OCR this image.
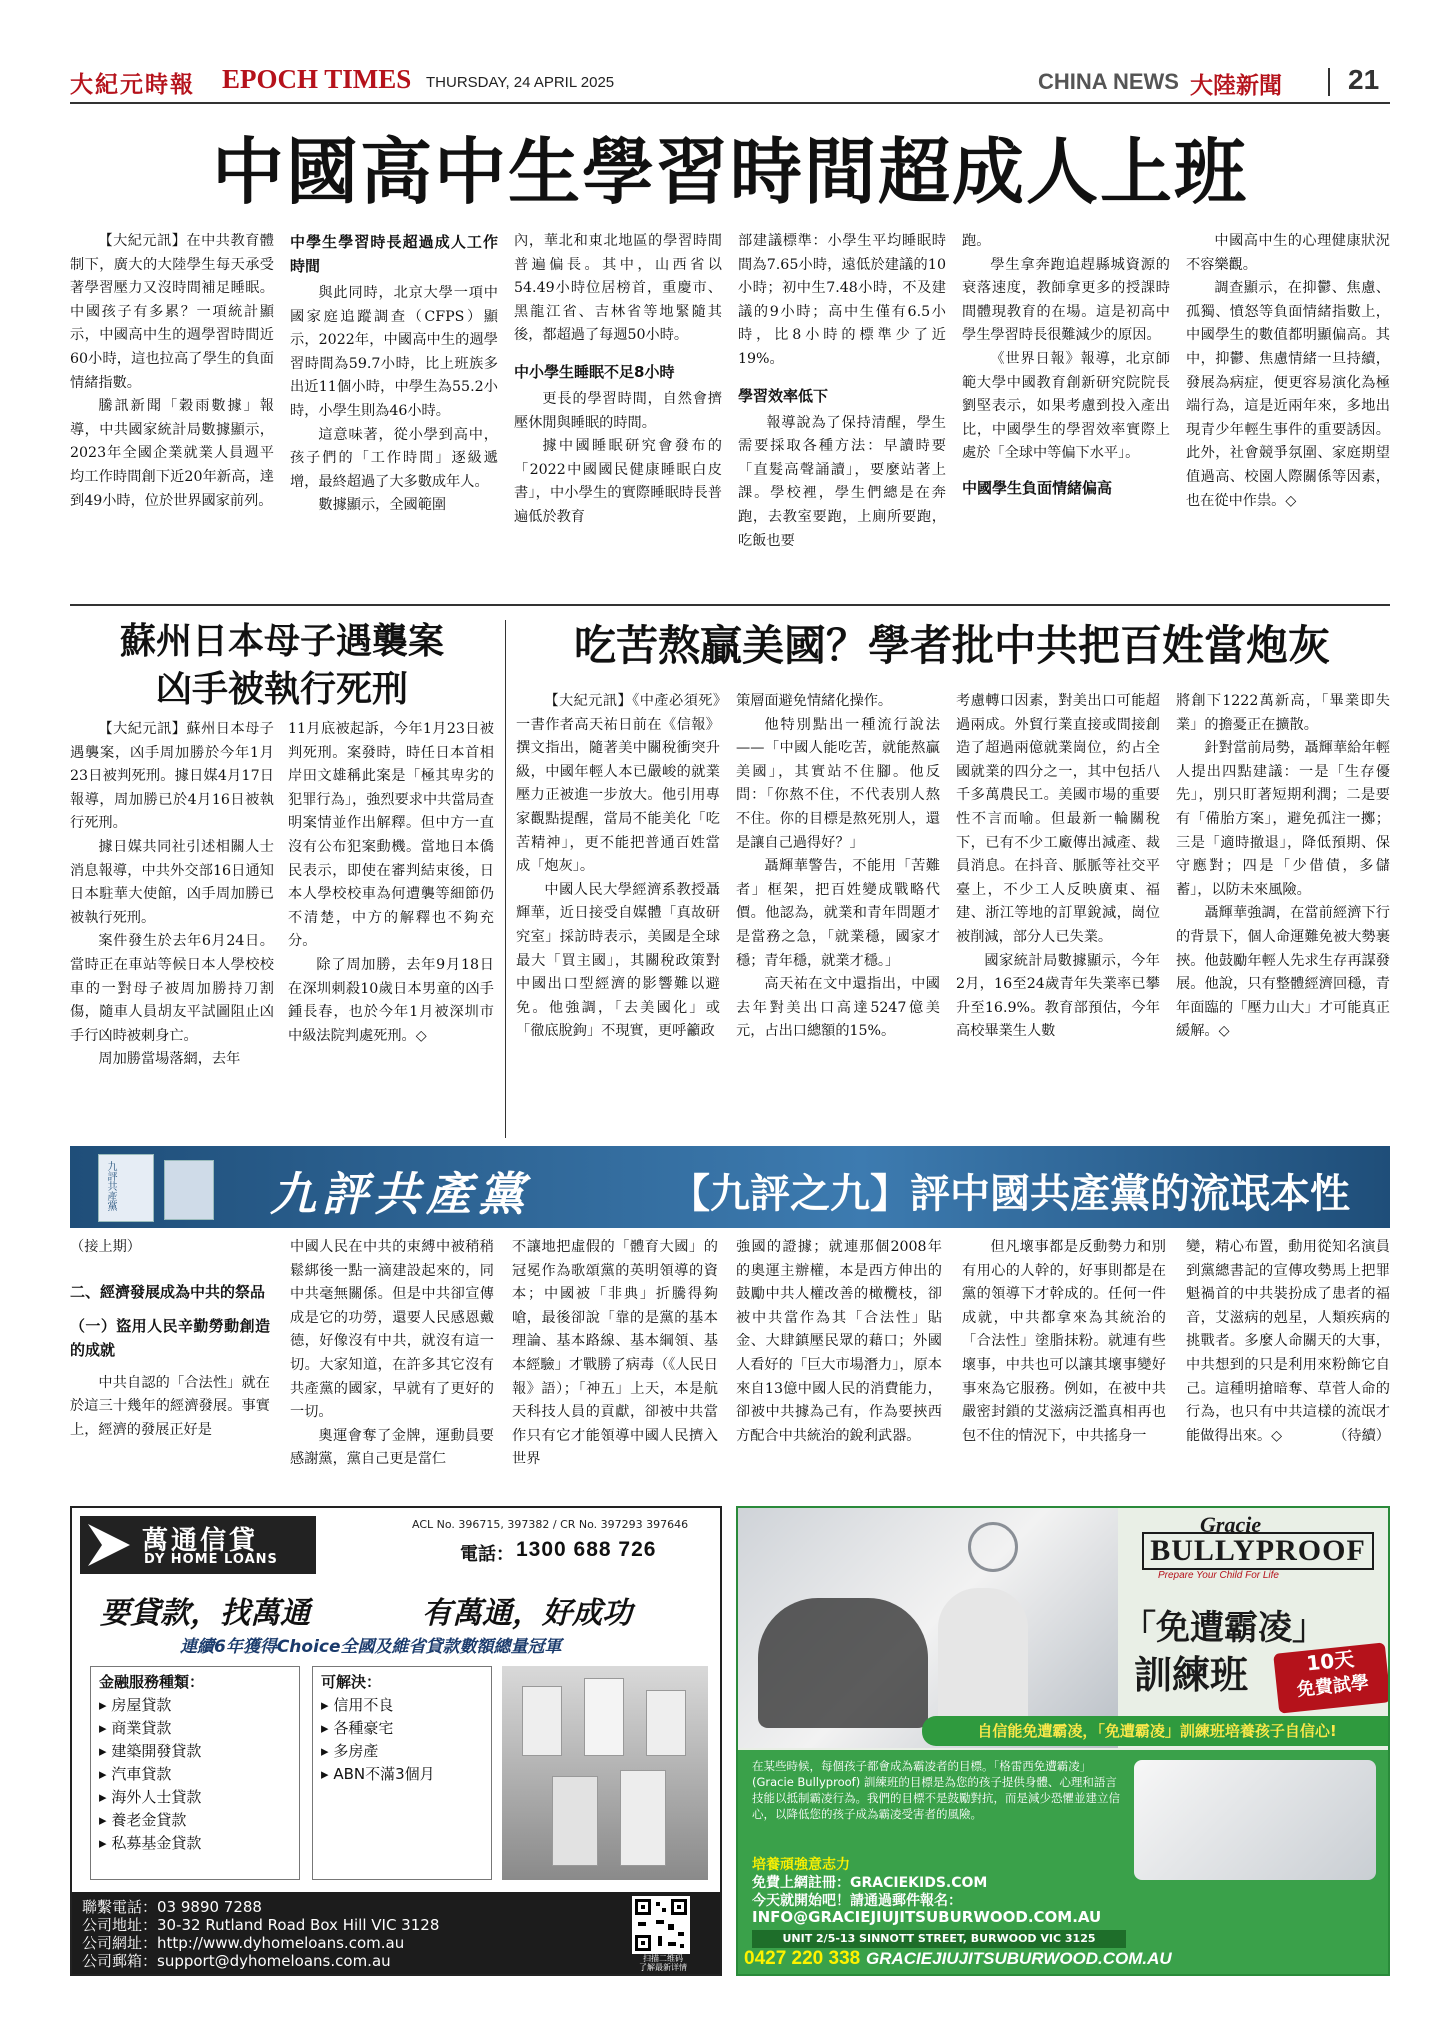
大紀元時報 EPOCH TIMES THURSDAY, 24 APRIL 2025	CHINA NEWS 大陸新聞 21
中國高中生學習時間超成人上班

【大紀元訊】在中共教育體制下，廣大的大陸學生每天承受著學習壓力又沒時間補足睡眠。中國孩子有多累？一項統計顯示，中國高中生的週學習時間近60小時，這也拉高了學生的負面情緒指數。

騰訊新聞「穀雨數據」報導，中共國家統計局數據顯示，2023年全國企業就業人員週平均工作時間創下近20年新高，達到49小時，位於世界國家前列。

中學生學習時長超過成人工作時間

與此同時，北京大學一項中國家庭追蹤調查（CFPS）顯示，2022年，中國高中生的週學習時間為59.7小時，比上班族多出近11個小時，中學生為55.2小時，小學生則為46小時。

這意味著，從小學到高中，孩子們的「工作時間」逐級遞增，最終超過了大多數成年人。

數據顯示，全國範圍

內，華北和東北地區的學習時間普遍偏長。其中，山西省以54.49小時位居榜首，重慶市、黑龍江省、吉林省等地緊隨其後，都超過了每週50小時。

中小學生睡眠不足8小時

更長的學習時間，自然會擠壓休閒與睡眠的時間。

據中國睡眠研究會發布的「2022中國國民健康睡眠白皮書」，中小學生的實際睡眠時長普遍低於教育

部建議標準：小學生平均睡眠時間為7.65小時，遠低於建議的10小時；初中生7.48小時，不及建議的9小時；高中生僅有6.5小時，比8小時的標準少了近19%。

學習效率低下

報導說為了保持清醒，學生需要採取各種方法：早讀時要「直髮高聲誦讀」，要麼站著上課。學校裡，學生們總是在奔跑，去教室要跑，上廁所要跑，吃飯也要

跑。

學生拿奔跑追趕縣城資源的衰落速度，教師拿更多的授課時間體現教育的在場。這是初高中學生學習時長很難減少的原因。

《世界日報》報導，北京師範大學中國教育創新研究院院長劉堅表示，如果考慮到投入產出比，中國學生的學習效率實際上處於「全球中等偏下水平」。

中國學生負面情緒偏高

中國高中生的心理健康狀況不容樂觀。

調查顯示，在抑鬱、焦慮、孤獨、憤怒等負面情緒指數上，中國學生的數值都明顯偏高。其中，抑鬱、焦慮情緒一旦持續，發展為病症，便更容易演化為極端行為，這是近兩年來，多地出現青少年輕生事件的重要誘因。此外，社會競爭氛圍、家庭期望值過高、校園人際關係等因素，也在從中作祟。◇

蘇州日本母子遇襲案
凶手被執行死刑

【大紀元訊】蘇州日本母子遇襲案，凶手周加勝於今年1月23日被判死刑。據日媒4月17日報導，周加勝已於4月16日被執行死刑。

據日媒共同社引述相關人士消息報導，中共外交部16日通知日本駐華大使館，凶手周加勝已被執行死刑。

案件發生於去年6月24日。當時正在車站等候日本人學校校車的一對母子被周加勝持刀割傷，隨車人員胡友平試圖阻止凶手行凶時被刺身亡。

周加勝當場落網，去年

11月底被起訴，今年1月23日被判死刑。案發時，時任日本首相岸田文雄稱此案是「極其卑劣的犯罪行為」，強烈要求中共當局查明案情並作出解釋。但中方一直沒有公布犯案動機。當地日本僑民表示，即使在審判結束後，日本人學校校車為何遭襲等細節仍不清楚，中方的解釋也不夠充分。

除了周加勝，去年9月18日在深圳刺殺10歲日本男童的凶手鍾長春，也於今年1月被深圳市中級法院判處死刑。◇

吃苦熬贏美國？學者批中共把百姓當炮灰

【大紀元訊】《中產必須死》一書作者高天祐日前在《信報》撰文指出，隨著美中關稅衝突升級，中國年輕人本已嚴峻的就業壓力正被進一步放大。他引用專家觀點提醒，當局不能美化「吃苦精神」，更不能把普通百姓當成「炮灰」。

中國人民大學經濟系教授聶輝華，近日接受自媒體「真故研究室」採訪時表示，美國是全球最大「買主國」，其關稅政策對中國出口型經濟的影響難以避免。他強調，「去美國化」或「徹底脫鉤」不現實，更呼籲政

策層面避免情緒化操作。

他特別點出一種流行說法——「中國人能吃苦，就能熬贏美國」，其實站不住腳。他反問：「你熬不住，不代表別人熬不住。你的目標是熬死別人，還是讓自己過得好？」

聶輝華警告，不能用「苦難者」框架，把百姓變成戰略代價。他認為，就業和青年問題才是當務之急，「就業穩，國家才穩；青年穩，就業才穩。」

高天祐在文中還指出，中國去年對美出口高達5247億美元，占出口總額的15%。

考慮轉口因素，對美出口可能超過兩成。外貿行業直接或間接創造了超過兩億就業崗位，約占全國就業的四分之一，其中包括八千多萬農民工。美國市場的重要性不言而喻。但最新一輪關稅下，已有不少工廠傳出減產、裁員消息。在抖音、脈脈等社交平臺上，不少工人反映廣東、福建、浙江等地的訂單銳減，崗位被削減，部分人已失業。

國家統計局數據顯示，今年2月，16至24歲青年失業率已攀升至16.9%。教育部預估，今年高校畢業生人數

將創下1222萬新高，「畢業即失業」的擔憂正在擴散。

針對當前局勢，聶輝華給年輕人提出四點建議：一是「生存優先」，別只盯著短期利潤；二是要有「備胎方案」，避免孤注一擲；三是「適時撤退」，降低預期、保守應對；四是「少借債，多儲蓄」，以防未來風險。

聶輝華強調，在當前經濟下行的背景下，個人命運難免被大勢裹挾。他鼓勵年輕人先求生存再謀發展。他說，只有整體經濟回穩，青年面臨的「壓力山大」才可能真正緩解。◇

九評共產黨	九評共產黨	【九評之九】評中國共產黨的流氓本性

（接上期）

二、經濟發展成為中共的祭品

（一）盜用人民辛勤勞動創造的成就

中共自認的「合法性」就在於這三十幾年的經濟發展。事實上，經濟的發展正好是

中國人民在中共的束縛中被稍稍鬆綁後一點一滴建設起來的，同中共毫無關係。但是中共卻宣傳成是它的功勞，還要人民感恩戴德，好像沒有中共，就沒有這一切。大家知道，在許多其它沒有共產黨的國家，早就有了更好的一切。

奧運會奪了金牌，運動員要感謝黨，黨自己更是當仁

不讓地把虛假的「體育大國」的冠冕作為歌頌黨的英明領導的資本；中國被「非典」折騰得夠嗆，最後卻說「靠的是黨的基本理論、基本路線、基本綱領、基本經驗」才戰勝了病毒（《人民日報》語）；「神五」上天，本是航天科技人員的貢獻，卻被中共當作只有它才能領導中國人民擠入世界

強國的證據；就連那個2008年的奧運主辦權，本是西方伸出的鼓勵中共人權改善的橄欖枝，卻被中共當作為其「合法性」貼金、大肆鎮壓民眾的藉口；外國人看好的「巨大市場潛力」，原本來自13億中國人民的消費能力，卻被中共據為己有，作為要挾西方配合中共統治的銳利武器。

但凡壞事都是反動勢力和別有用心的人幹的，好事則都是在黨的領導下才幹成的。任何一件成就，中共都拿來為其統治的「合法性」塗脂抹粉。就連有些壞事，中共也可以讓其壞事變好事來為它服務。例如，在被中共嚴密封鎖的艾滋病泛濫真相再也包不住的情況下，中共搖身一

變，精心布置，動用從知名演員到黨總書記的宣傳攻勢馬上把罪魁禍首的中共裝扮成了患者的福音，艾滋病的剋星，人類疾病的挑戰者。多麼人命關天的大事，中共想到的只是利用來粉飾它自己。這種明搶暗奪、草菅人命的行為，也只有中共這樣的流氓才能做得出來。◇	（待續）

萬通信貸
DY HOME LOANS
ACL No. 396715, 397382 / CR No. 397293 397646
電話： 1300 688 726
要貸款，找萬通	有萬通，好成功
連續6年獲得Choice全國及維省貸款數額總量冠軍
金融服務種類：
▸ 房屋貸款
▸ 商業貸款
▸ 建築開發貸款
▸ 汽車貸款
▸ 海外人士貸款
▸ 養老金貸款
▸ 私募基金貸款
可解決：
▸ 信用不良
▸ 各種豪宅
▸ 多房產
▸ ABN不滿3個月
聯繫電話：03 9890 7288
公司地址：30-32 Rutland Road Box Hill VIC 3128
公司網址：http://www.dyhomeloans.com.au
公司郵箱：support@dyhomeloans.com.au	扫描二维码
了解最新详情
Gracie
BULLYPROOF
Prepare Your Child For Life
「免遭霸凌」
訓練班	10天
免費試學
自信能免遭霸凌，「免遭霸凌」訓練班培養孩子自信心!
在某些時候，每個孩子都會成為霸凌者的目標。「格雷西免遭霸凌」(Gracie Bullyproof) 訓練班的目標是為您的孩子提供身體、心理和語言技能以抵制霸凌行為。我們的目標不是鼓勵對抗，而是減少恐懼並建立信心，以降低您的孩子成為霸凌受害者的風險。
培養頑強意志力
免費上網註冊：GRACIEKIDS.COM
今天就開始吧！請通過郵件報名：
INFO@GRACIEJIUJITSUBURWOOD.COM.AU
UNIT 2/5-13 SINNOTT STREET, BURWOOD VIC 3125
0427 220 338 GRACIEJIUJITSUBURWOOD.COM.AU
